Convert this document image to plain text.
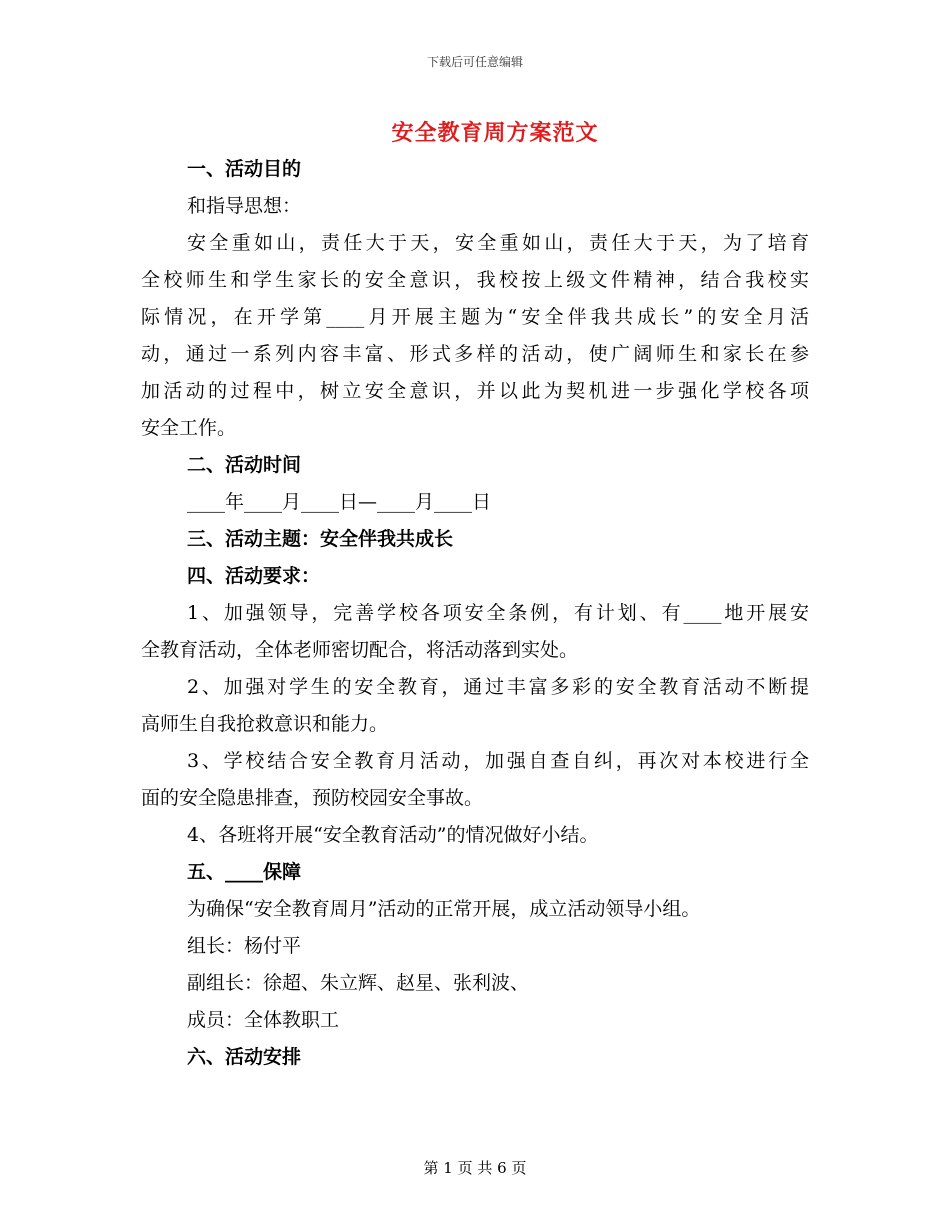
下载后可任意编辑
安全教育周方案范文
一、活动目的
和指导思想：
安全重如山，责任大于天，安全重如山，责任大于天，为了培育
全校师生和学生家长的安全意识，我校按上级文件精神，结合我校实
际情况，在开学第____月开展主题为“安全伴我共成长”的安全月活
动，通过一系列内容丰富、形式多样的活动，使广阔师生和家长在参
加活动的过程中，树立安全意识，并以此为契机进一步强化学校各项
安全工作。
二、活动时间
____年____月____日—____月____日
三、活动主题：安全伴我共成长
四、活动要求：
1、加强领导，完善学校各项安全条例，有计划、有____地开展安
全教育活动，全体老师密切配合，将活动落到实处。
2、加强对学生的安全教育，通过丰富多彩的安全教育活动不断提
高师生自我抢救意识和能力。
3、学校结合安全教育月活动，加强自查自纠，再次对本校进行全
面的安全隐患排查，预防校园安全事故。
4、各班将开展“安全教育活动”的情况做好小结。
五、____保障
为确保“安全教育周月”活动的正常开展，成立活动领导小组。
组长：杨付平
副组长：徐超、朱立辉、赵星、张利波、
成员：全体教职工
六、活动安排
第 1 页 共 6 页
